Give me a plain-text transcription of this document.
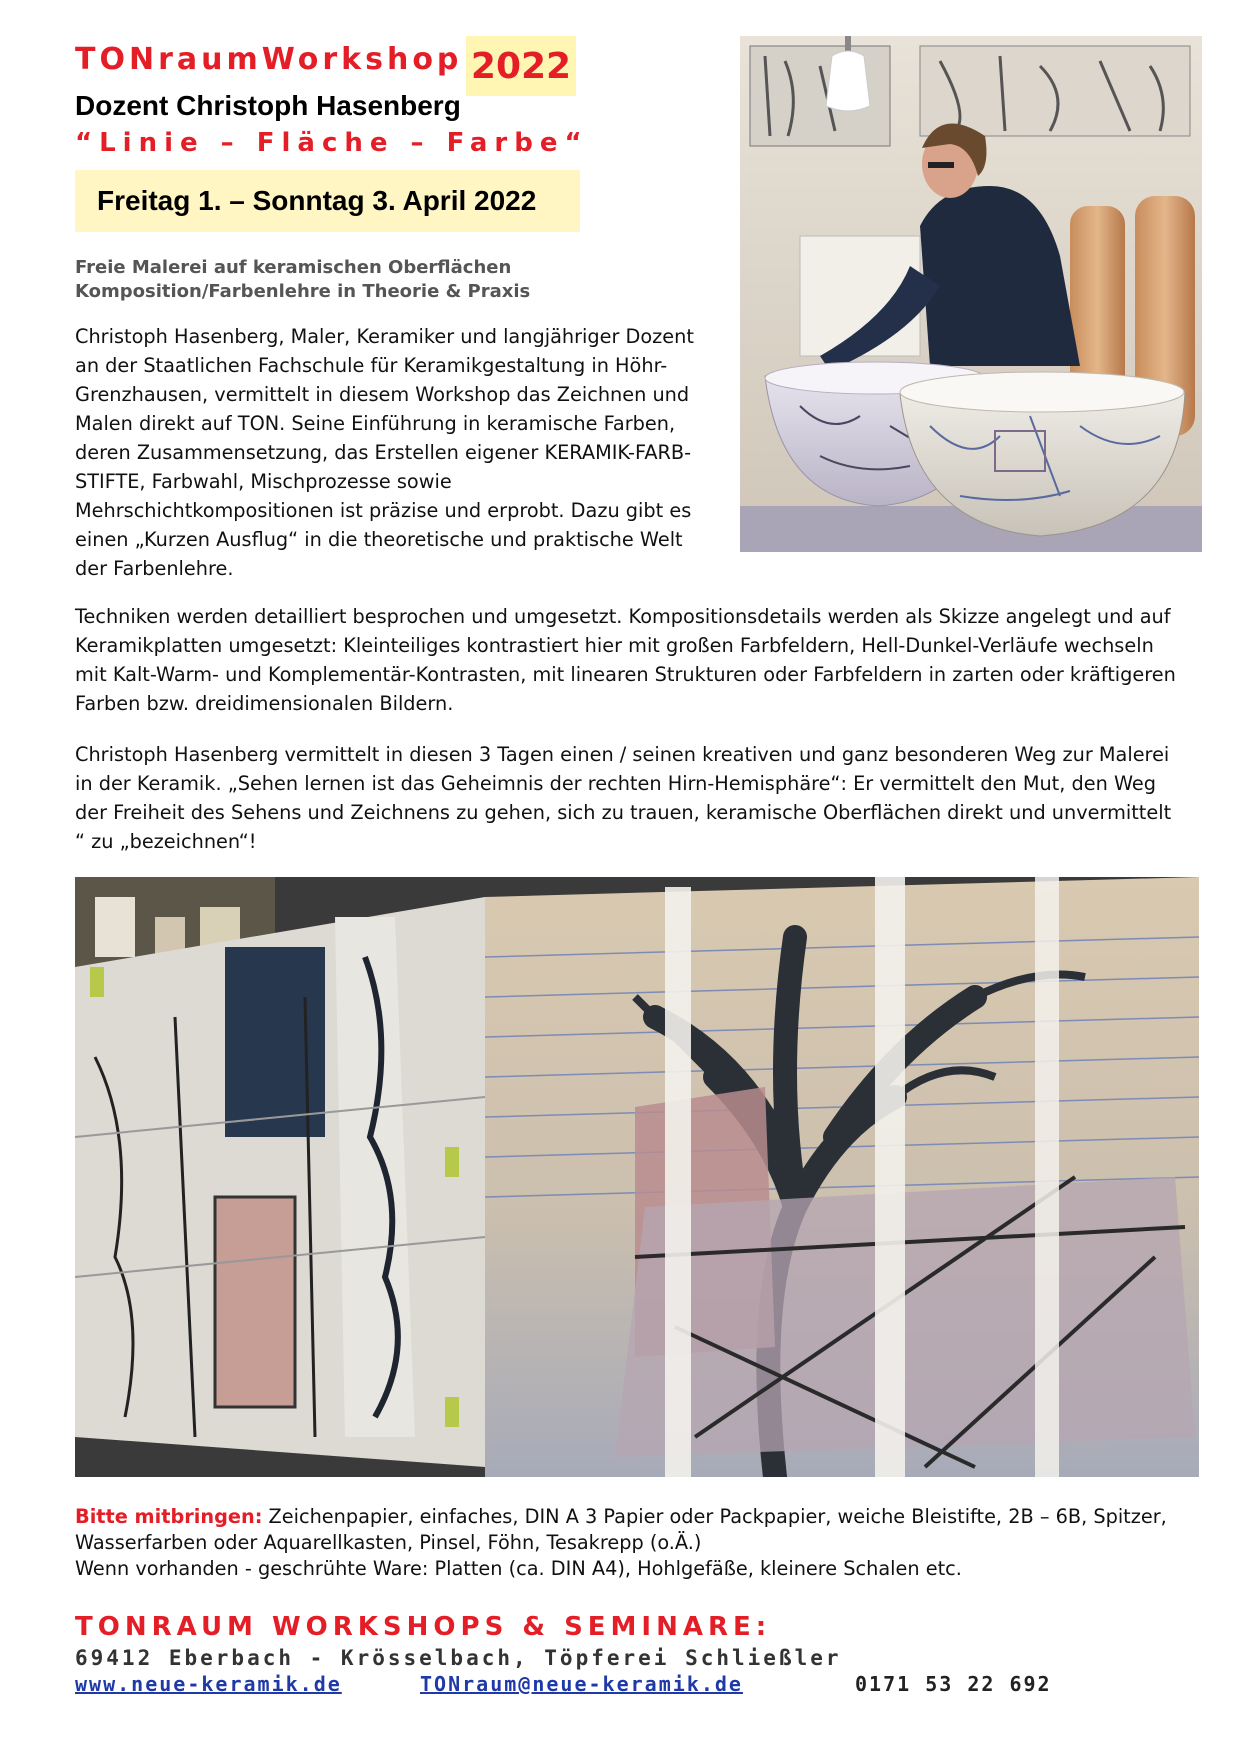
TONraumWorkshop 2022
Dozent Christoph Hasenberg
“Linie – Fläche – Farbe“
Freitag 1. – Sonntag 3. April 2022
Freie Malerei auf keramischen Oberflächen
Komposition/Farbenlehre in Theorie & Praxis
Christoph Hasenberg, Maler, Keramiker und langjähriger Dozent an der Staatlichen Fachschule für Keramikgestaltung in Höhr-Grenzhausen, vermittelt in diesem Workshop das Zeichnen und Malen direkt auf TON. Seine Einführung in keramische Farben, deren Zusammensetzung, das Erstellen eigener KERAMIK-FARB-STIFTE, Farbwahl, Mischprozesse sowie Mehrschichtkompositionen ist präzise und erprobt. Dazu gibt es einen „Kurzen Ausflug“ in die theoretische und praktische Welt der Farbenlehre.
Techniken werden detailliert besprochen und umgesetzt. Kompositionsdetails werden als Skizze angelegt und auf Keramikplatten umgesetzt: Kleinteiliges kontrastiert hier mit großen Farbfeldern, Hell-Dunkel-Verläufe wechseln mit Kalt-Warm- und Komplementär-Kontrasten, mit linearen Strukturen oder Farbfeldern in zarten oder kräftigeren Farben bzw. dreidimensionalen Bildern.
Christoph Hasenberg vermittelt in diesen 3 Tagen einen / seinen kreativen und ganz besonderen Weg zur Malerei in der Keramik. „Sehen lernen ist das Geheimnis der rechten Hirn-Hemisphäre“: Er vermittelt den Mut, den Weg der Freiheit des Sehens und Zeichnens zu gehen, sich zu trauen, keramische Oberflächen direkt und unvermittelt “ zu „bezeichnen“!
Bitte mitbringen: Zeichenpapier, einfaches, DIN A 3 Papier oder Packpapier, weiche Bleistifte, 2B – 6B, Spitzer, Wasserfarben oder Aquarellkasten, Pinsel, Föhn, Tesakrepp (o.Ä.)
Wenn vorhanden - geschrühte Ware: Platten (ca. DIN A4), Hohlgefäße, kleinere Schalen etc.
TONRAUM WORKSHOPS & SEMINARE:
69412 Eberbach - Krösselbach, Töpferei Schließler
www.neue-keramik.de	TONraum@neue-keramik.de	0171 53 22 692
